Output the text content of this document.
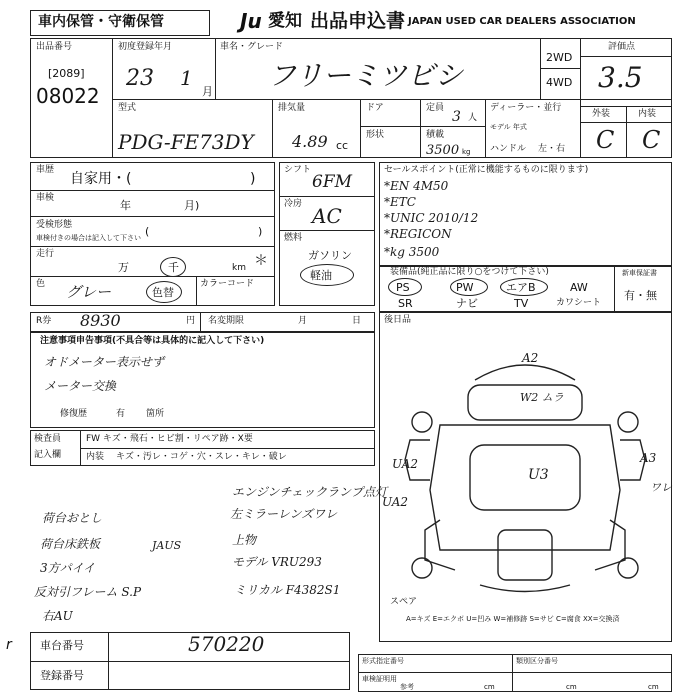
車内保管・守衛保管	Ju 愛知 出品申込書 JAPAN USED CAR DEALERS ASSOCIATION
出品番号
[2089]
08022
初度登録年月
23 1
月
車名・グレード
フリーミツビシ
2WD
4WD
評価点
3.5
型式
PDG-FE73DY
排気量
4.89 cc
ドア
形状
定員
3 人
積載
3500 kg
ディーラー・並行
モデル 年式
ハンドル 左・右
外装	内装
C C
車歴
自家用・(	)
車検
年	月)
受検形態
車検付きの場合は記入して下さい (	)
走行
万	千	km ＊
色 グレー	色替
カラーコード
シフト
6FM
冷房 AC
燃料
ガソリン
軽油
セールスポイント(正常に機能するものに限ります)
*EN 4M50
*ETC
*UNIC 2010/12
*REGICON
*kg 3500
装備品(純正品に限り○をつけて下さい)
PS	PW	エアB	AW
SR	ナビ	TV	カワシート
新車保証書
有・無
R券 8930	円 名変期限	月	日
注意事項申告事項(不具合等は具体的に記入して下さい)
オドメーター表示せず
メーター交換
修復歴	有 箇所
検査員
記入欄
FW キズ・飛石・ヒビ割・リペア跡・X要
内装 キズ・汚レ・コゲ・穴・スレ・キレ・破レ
後日品
A2
W2 ムラ
A3
ワレ
UA2
UA2
U3
スペア
A=キズ E=エクボ U=凹み W=補修跡 S=サビ C=腐食 XX=交換済
エンジンチェックランプ点灯
左ミラーレンズワレ
荷台おとし
荷台床鉄板	JAUS	上物
モデル VRU293
3方パイイ
反対引フレーム S.P	ミリカル F4382S1
右AU
車台番号	570220
登録番号
r
形式指定番号	類別区分番号
車検証明用
参考	cm	cm	cm
